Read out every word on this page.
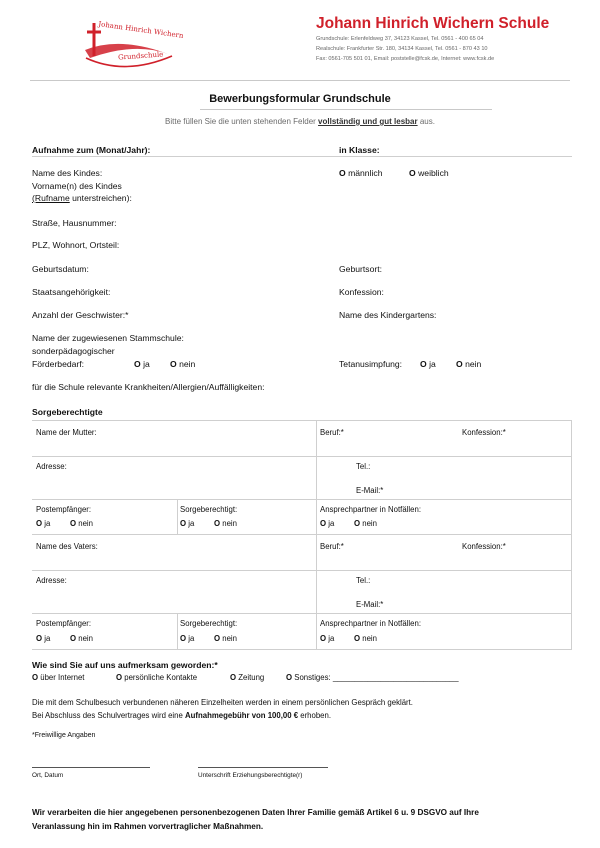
Johann Hinrich Wichern
Grundschule
Johann Hinrich Wichern Schule
Grundschule: Erlenfeldweg 37, 34123 Kassel, Tel. 0561 - 400 65 04
Realschule: Frankfurter Str. 180, 34134 Kassel, Tel. 0561 - 870 43 10
Fax: 0561-705 501 01, Email: poststelle@fcsk.de, Internet: www.fcsk.de
Bewerbungsformular Grundschule
Bitte füllen Sie die unten stehenden Felder vollständig und gut lesbar aus.
Aufnahme zum (Monat/Jahr):	in Klasse:
Name des Kindes:	O männlich	O weiblich
Vorname(n) des Kindes
(Rufname unterstreichen):
Straße, Hausnummer:
PLZ, Wohnort, Ortsteil:
Geburtsdatum:	Geburtsort:
Staatsangehörigkeit:	Konfession:
Anzahl der Geschwister:*	Name des Kindergartens:
Name der zugewiesenen Stammschule:
sonderpädagogischer
Förderbedarf:	O ja O nein	Tetanusimpfung: O ja O nein
für die Schule relevante Krankheiten/Allergien/Auffälligkeiten:
Sorgeberechtigte
Name der Mutter:	Beruf:*	Konfession:*
Adresse:	Tel.:
E-Mail:*
Postempfänger:	Sorgeberechtigt:	Ansprechpartner in Notfällen:
O ja	O nein	O ja	O nein	O ja	O nein
Name des Vaters:	Beruf:*	Konfession:*
Adresse:	Tel.:
E-Mail:*
Postempfänger:	Sorgeberechtigt:	Ansprechpartner in Notfällen:
O ja	O nein	O ja	O nein	O ja	O nein
Wie sind Sie auf uns aufmerksam geworden:*
O über Internet	O persönliche Kontakte	O Zeitung	O Sonstiges: _____________________________
Die mit dem Schulbesuch verbundenen näheren Einzelheiten werden in einem persönlichen Gespräch geklärt.
Bei Abschluss des Schulvertrages wird eine Aufnahmegebühr von 100,00 € erhoben.
*Freiwillige Angaben
Ort, Datum	Unterschrift Erziehungsberechtigte(r)
Wir verarbeiten die hier angegebenen personenbezogenen Daten Ihrer Familie gemäß Artikel 6 u. 9 DSGVO auf Ihre
Veranlassung hin im Rahmen vorvertraglicher Maßnahmen.
